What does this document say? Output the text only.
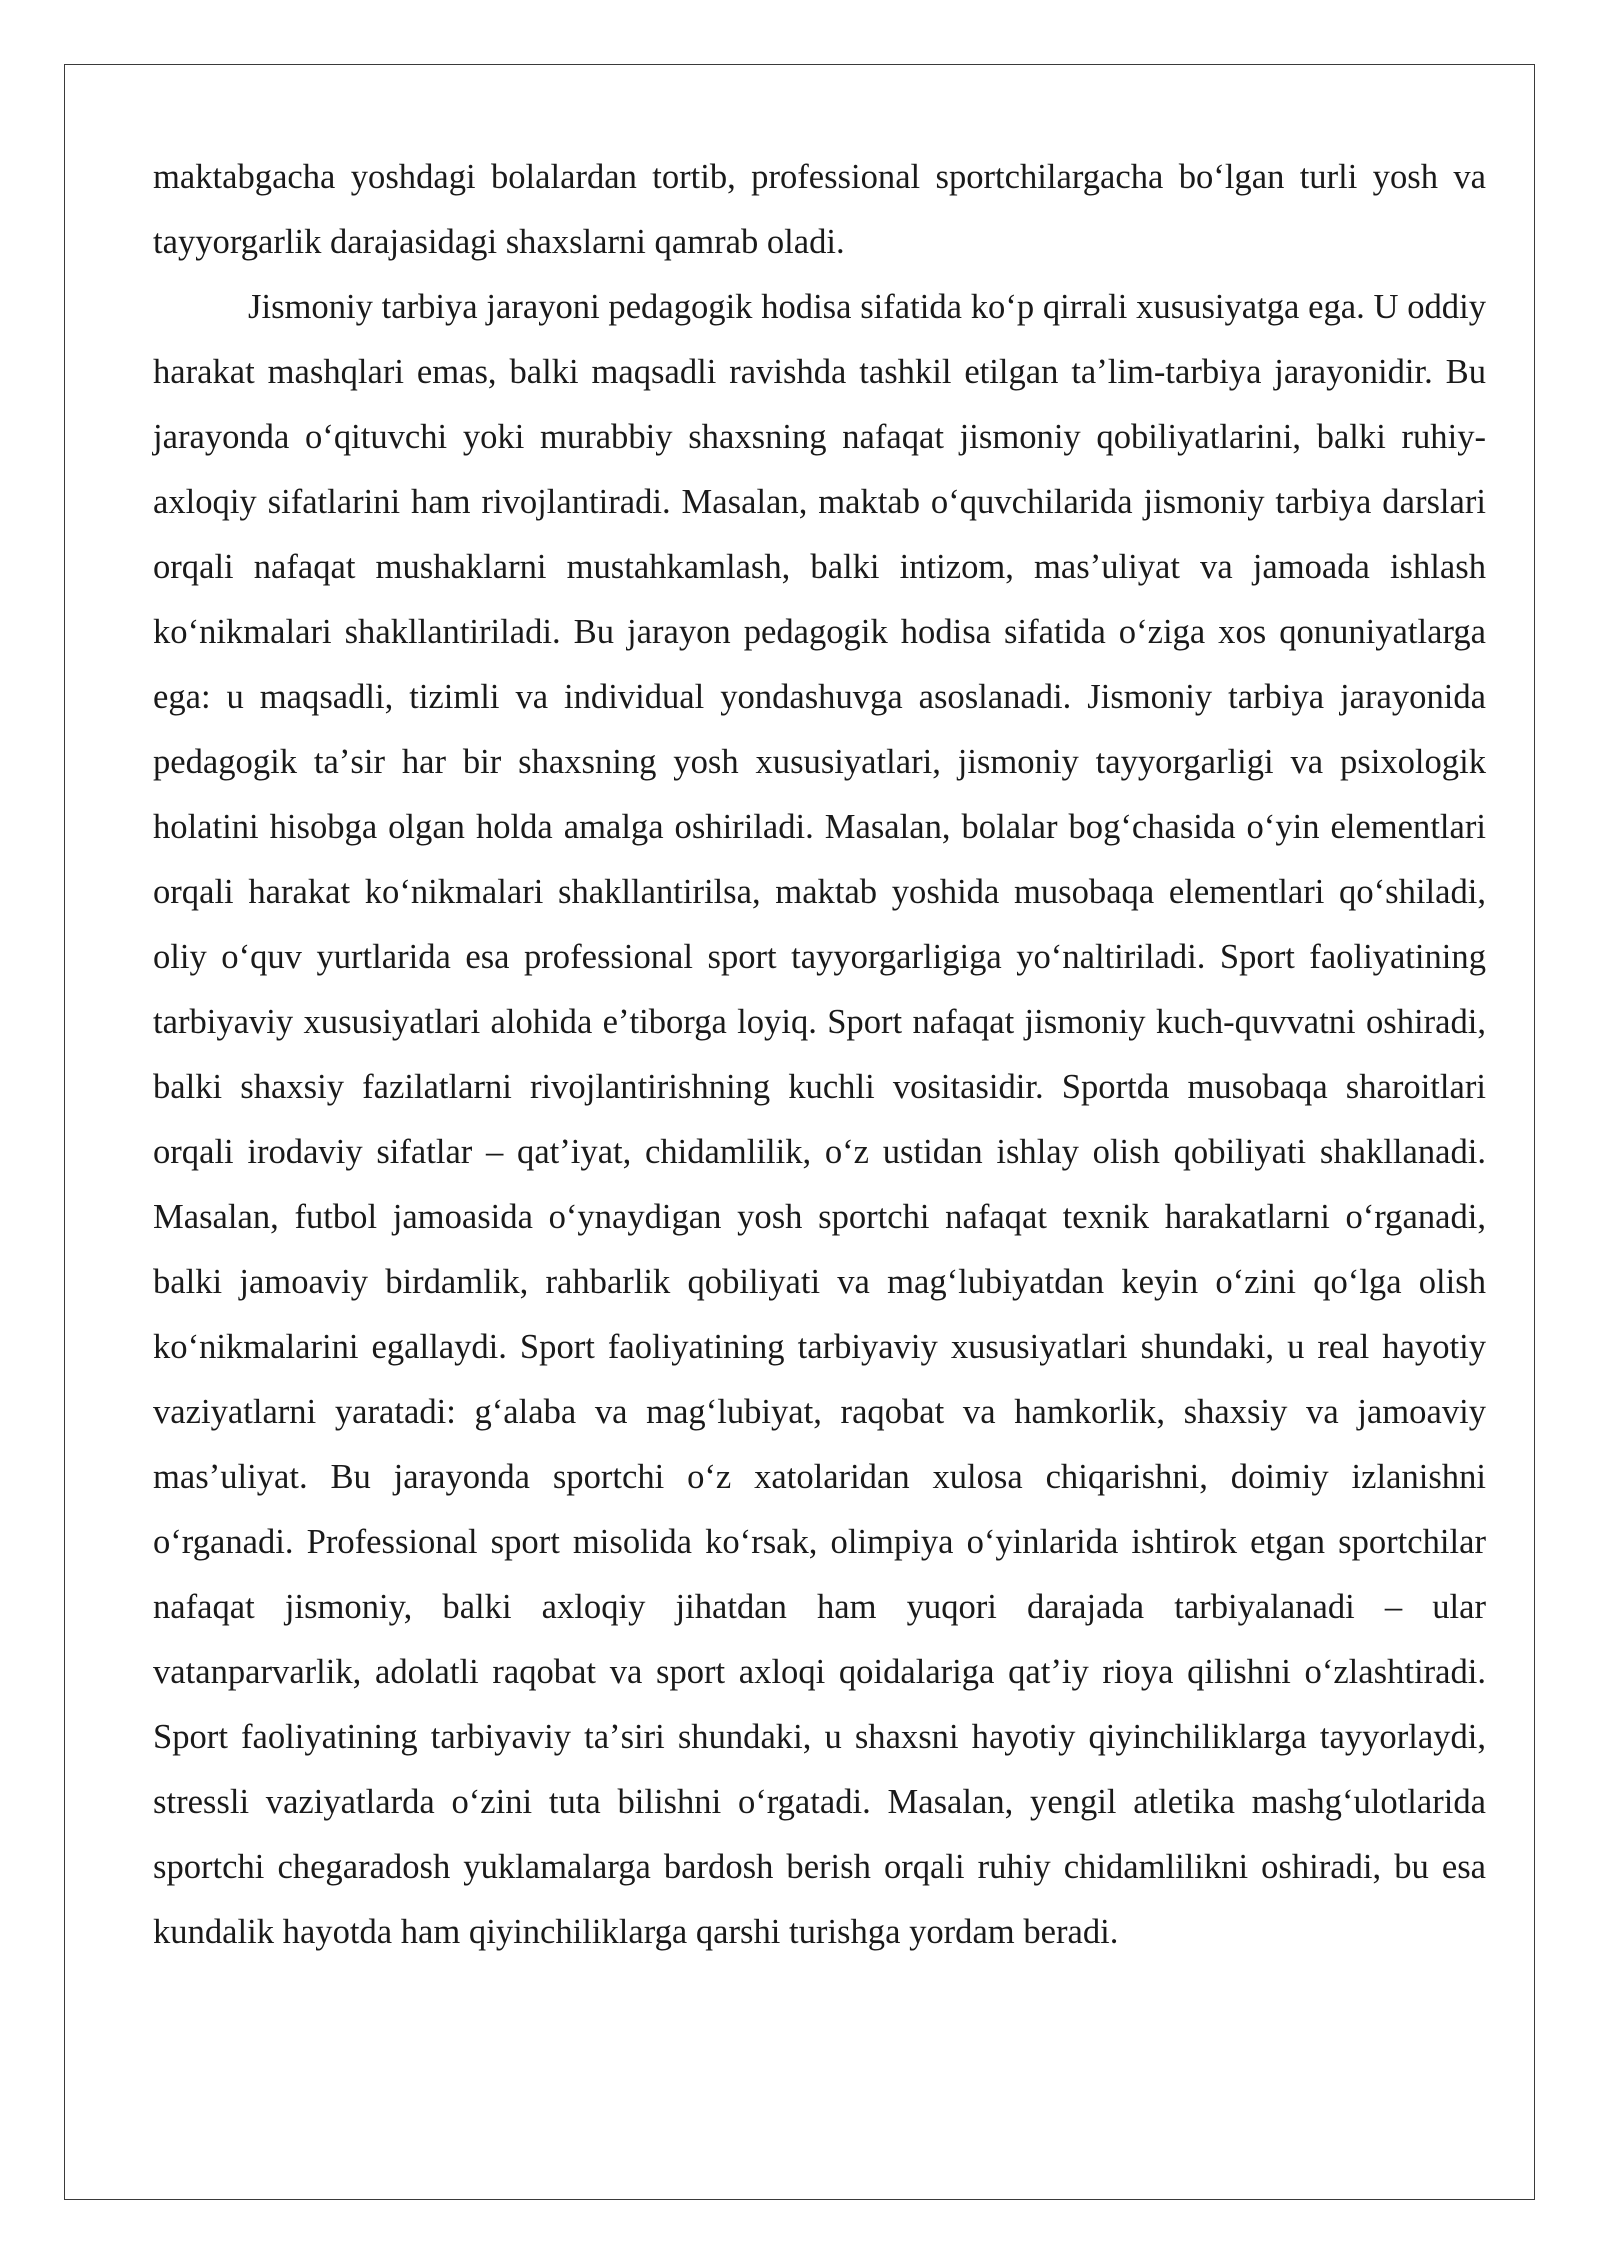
maktabgacha yoshdagi bolalardan tortib, professional sportchilargacha boʻlgan turli yosh va tayyorgarlik darajasidagi shaxslarni qamrab oladi.

Jismoniy tarbiya jarayoni pedagogik hodisa sifatida koʻp qirrali xususiyatga ega. U oddiy harakat mashqlari emas, balki maqsadli ravishda tashkil etilgan taʼlim-tarbiya jarayonidir. Bu jarayonda oʻqituvchi yoki murabbiy shaxsning nafaqat jismoniy qobiliyatlarini, balki ruhiy-axloqiy sifatlarini ham rivojlantiradi. Masalan, maktab oʻquvchilarida jismoniy tarbiya darslari orqali nafaqat mushaklarni mustahkamlash, balki intizom, masʼuliyat va jamoada ishlash koʻnikmalari shakllantiriladi. Bu jarayon pedagogik hodisa sifatida oʻziga xos qonuniyatlarga ega: u maqsadli, tizimli va individual yondashuvga asoslanadi. Jismoniy tarbiya jarayonida pedagogik taʼsir har bir shaxsning yosh xususiyatlari, jismoniy tayyorgarligi va psixologik holatini hisobga olgan holda amalga oshiriladi. Masalan, bolalar bogʻchasida oʻyin elementlari orqali harakat koʻnikmalari shakllantirilsa, maktab yoshida musobaqa elementlari qoʻshiladi, oliy oʻquv yurtlarida esa professional sport tayyorgarligiga yoʻnaltiriladi. Sport faoliyatining tarbiyaviy xususiyatlari alohida eʼtiborga loyiq. Sport nafaqat jismoniy kuch-quvvatni oshiradi, balki shaxsiy fazilatlarni rivojlantirishning kuchli vositasidir. Sportda musobaqa sharoitlari orqali irodaviy sifatlar – qatʼiyat, chidamlilik, oʻz ustidan ishlay olish qobiliyati shakllanadi. Masalan, futbol jamoasida oʻynaydigan yosh sportchi nafaqat texnik harakatlarni oʻrganadi, balki jamoaviy birdamlik, rahbarlik qobiliyati va magʻlubiyatdan keyin oʻzini qoʻlga olish koʻnikmalarini egallaydi. Sport faoliyatining tarbiyaviy xususiyatlari shundaki, u real hayotiy vaziyatlarni yaratadi: gʻalaba va magʻlubiyat, raqobat va hamkorlik, shaxsiy va jamoaviy masʼuliyat. Bu jarayonda sportchi oʻz xatolaridan xulosa chiqarishni, doimiy izlanishni oʻrganadi. Professional sport misolida koʻrsak, olimpiya oʻyinlarida ishtirok etgan sportchilar nafaqat jismoniy, balki axloqiy jihatdan ham yuqori darajada tarbiyalanadi – ular vatanparvarlik, adolatli raqobat va sport axloqi qoidalariga qatʼiy rioya qilishni oʻzlashtiradi. Sport faoliyatining tarbiyaviy taʼsiri shundaki, u shaxsni hayotiy qiyinchiliklarga tayyorlaydi, stressli vaziyatlarda oʻzini tuta bilishni oʻrgatadi. Masalan, yengil atletika mashgʻulotlarida sportchi chegaradosh yuklamalarga bardosh berish orqali ruhiy chidamlilikni oshiradi, bu esa kundalik hayotda ham qiyinchiliklarga qarshi turishga yordam beradi.
